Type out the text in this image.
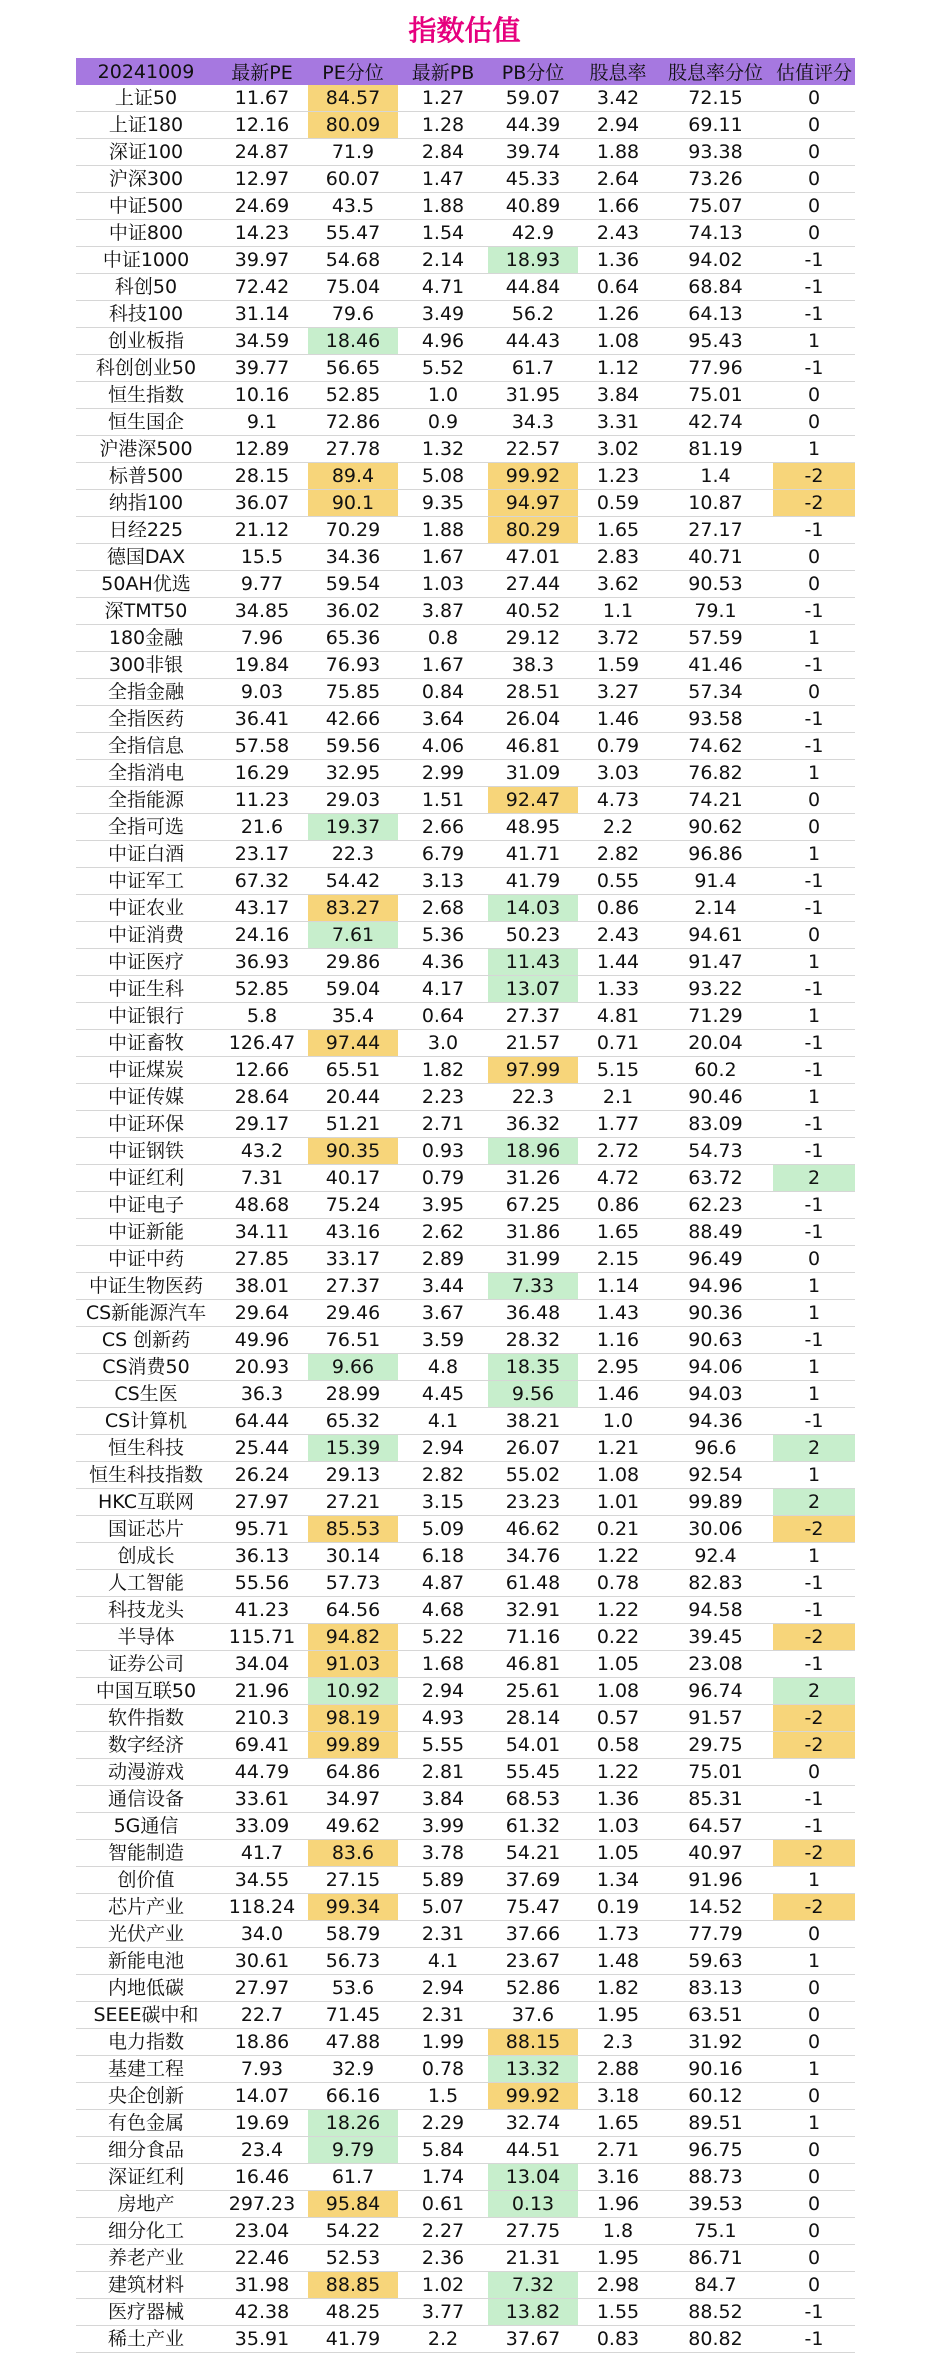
指数估值
20241009	最新PE	PE分位	最新PB	PB分位	股息率	股息率分位	估值评分
上证50	11.67	84.57	1.27	59.07	3.42	72.15	0
上证180	12.16	80.09	1.28	44.39	2.94	69.11	0
深证100	24.87	71.9	2.84	39.74	1.88	93.38	0
沪深300	12.97	60.07	1.47	45.33	2.64	73.26	0
中证500	24.69	43.5	1.88	40.89	1.66	75.07	0
中证800	14.23	55.47	1.54	42.9	2.43	74.13	0
中证1000	39.97	54.68	2.14	18.93	1.36	94.02	-1
科创50	72.42	75.04	4.71	44.84	0.64	68.84	-1
科技100	31.14	79.6	3.49	56.2	1.26	64.13	-1
创业板指	34.59	18.46	4.96	44.43	1.08	95.43	1
科创创业50	39.77	56.65	5.52	61.7	1.12	77.96	-1
恒生指数	10.16	52.85	1.0	31.95	3.84	75.01	0
恒生国企	9.1	72.86	0.9	34.3	3.31	42.74	0
沪港深500	12.89	27.78	1.32	22.57	3.02	81.19	1
标普500	28.15	89.4	5.08	99.92	1.23	1.4	-2
纳指100	36.07	90.1	9.35	94.97	0.59	10.87	-2
日经225	21.12	70.29	1.88	80.29	1.65	27.17	-1
德国DAX	15.5	34.36	1.67	47.01	2.83	40.71	0
50AH优选	9.77	59.54	1.03	27.44	3.62	90.53	0
深TMT50	34.85	36.02	3.87	40.52	1.1	79.1	-1
180金融	7.96	65.36	0.8	29.12	3.72	57.59	1
300非银	19.84	76.93	1.67	38.3	1.59	41.46	-1
全指金融	9.03	75.85	0.84	28.51	3.27	57.34	0
全指医药	36.41	42.66	3.64	26.04	1.46	93.58	-1
全指信息	57.58	59.56	4.06	46.81	0.79	74.62	-1
全指消电	16.29	32.95	2.99	31.09	3.03	76.82	1
全指能源	11.23	29.03	1.51	92.47	4.73	74.21	0
全指可选	21.6	19.37	2.66	48.95	2.2	90.62	0
中证白酒	23.17	22.3	6.79	41.71	2.82	96.86	1
中证军工	67.32	54.42	3.13	41.79	0.55	91.4	-1
中证农业	43.17	83.27	2.68	14.03	0.86	2.14	-1
中证消费	24.16	7.61	5.36	50.23	2.43	94.61	0
中证医疗	36.93	29.86	4.36	11.43	1.44	91.47	1
中证生科	52.85	59.04	4.17	13.07	1.33	93.22	-1
中证银行	5.8	35.4	0.64	27.37	4.81	71.29	1
中证畜牧	126.47	97.44	3.0	21.57	0.71	20.04	-1
中证煤炭	12.66	65.51	1.82	97.99	5.15	60.2	-1
中证传媒	28.64	20.44	2.23	22.3	2.1	90.46	1
中证环保	29.17	51.21	2.71	36.32	1.77	83.09	-1
中证钢铁	43.2	90.35	0.93	18.96	2.72	54.73	-1
中证红利	7.31	40.17	0.79	31.26	4.72	63.72	2
中证电子	48.68	75.24	3.95	67.25	0.86	62.23	-1
中证新能	34.11	43.16	2.62	31.86	1.65	88.49	-1
中证中药	27.85	33.17	2.89	31.99	2.15	96.49	0
中证生物医药	38.01	27.37	3.44	7.33	1.14	94.96	1
CS新能源汽车	29.64	29.46	3.67	36.48	1.43	90.36	1
CS 创新药	49.96	76.51	3.59	28.32	1.16	90.63	-1
CS消费50	20.93	9.66	4.8	18.35	2.95	94.06	1
CS生医	36.3	28.99	4.45	9.56	1.46	94.03	1
CS计算机	64.44	65.32	4.1	38.21	1.0	94.36	-1
恒生科技	25.44	15.39	2.94	26.07	1.21	96.6	2
恒生科技指数	26.24	29.13	2.82	55.02	1.08	92.54	1
HKC互联网	27.97	27.21	3.15	23.23	1.01	99.89	2
国证芯片	95.71	85.53	5.09	46.62	0.21	30.06	-2
创成长	36.13	30.14	6.18	34.76	1.22	92.4	1
人工智能	55.56	57.73	4.87	61.48	0.78	82.83	-1
科技龙头	41.23	64.56	4.68	32.91	1.22	94.58	-1
半导体	115.71	94.82	5.22	71.16	0.22	39.45	-2
证券公司	34.04	91.03	1.68	46.81	1.05	23.08	-1
中国互联50	21.96	10.92	2.94	25.61	1.08	96.74	2
软件指数	210.3	98.19	4.93	28.14	0.57	91.57	-2
数字经济	69.41	99.89	5.55	54.01	0.58	29.75	-2
动漫游戏	44.79	64.86	2.81	55.45	1.22	75.01	0
通信设备	33.61	34.97	3.84	68.53	1.36	85.31	-1
5G通信	33.09	49.62	3.99	61.32	1.03	64.57	-1
智能制造	41.7	83.6	3.78	54.21	1.05	40.97	-2
创价值	34.55	27.15	5.89	37.69	1.34	91.96	1
芯片产业	118.24	99.34	5.07	75.47	0.19	14.52	-2
光伏产业	34.0	58.79	2.31	37.66	1.73	77.79	0
新能电池	30.61	56.73	4.1	23.67	1.48	59.63	1
内地低碳	27.97	53.6	2.94	52.86	1.82	83.13	0
SEEE碳中和	22.7	71.45	2.31	37.6	1.95	63.51	0
电力指数	18.86	47.88	1.99	88.15	2.3	31.92	0
基建工程	7.93	32.9	0.78	13.32	2.88	90.16	1
央企创新	14.07	66.16	1.5	99.92	3.18	60.12	0
有色金属	19.69	18.26	2.29	32.74	1.65	89.51	1
细分食品	23.4	9.79	5.84	44.51	2.71	96.75	0
深证红利	16.46	61.7	1.74	13.04	3.16	88.73	0
房地产	297.23	95.84	0.61	0.13	1.96	39.53	0
细分化工	23.04	54.22	2.27	27.75	1.8	75.1	0
养老产业	22.46	52.53	2.36	21.31	1.95	86.71	0
建筑材料	31.98	88.85	1.02	7.32	2.98	84.7	0
医疗器械	42.38	48.25	3.77	13.82	1.55	88.52	-1
稀土产业	35.91	41.79	2.2	37.67	0.83	80.82	-1
